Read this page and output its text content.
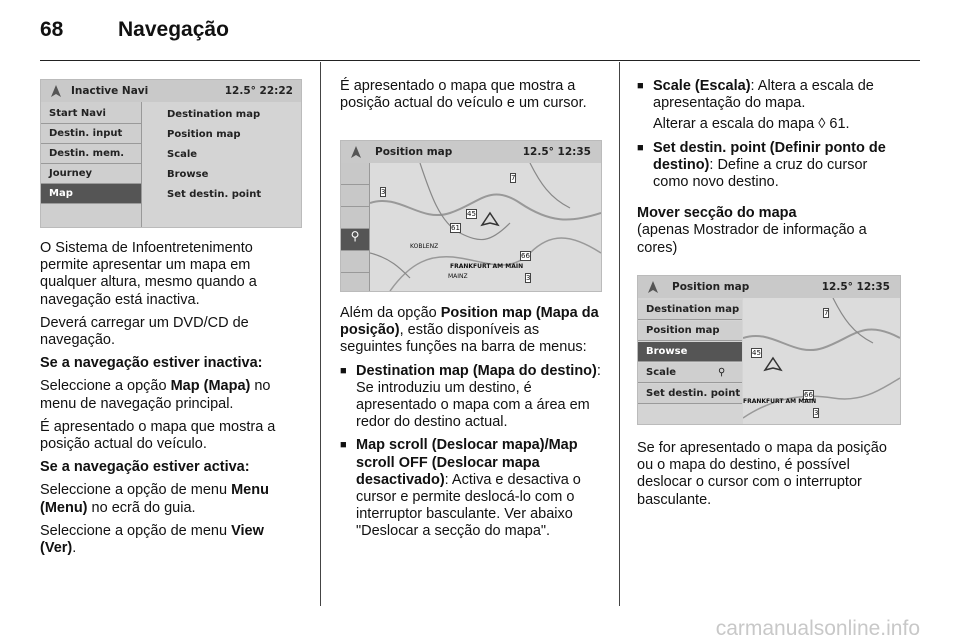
68	Navegação
Inactive Navi	12.5° 22:22
Start Navi
Destin. input
Destin. mem.
Journey
Map
Destination map
Position map
Scale
Browse
Set destin. point

O Sistema de Infoentretenimento permite apresentar um mapa em qualquer altura, mesmo quando a navegação está inactiva.

Deverá carregar um DVD/CD de navegação.

Se a navegação estiver inactiva:

Seleccione a opção Map (Mapa) no menu de navegação principal.

É apresentado o mapa que mostra a posição actual do veículo.

Se a navegação estiver activa:

Seleccione a opção de menu Menu (Menu) no ecrã do guia.

Seleccione a opção de menu View (Ver).

É apresentado o mapa que mostra a posição actual do veículo e um cursor.

Position map	12.5° 12:35
⚲
7
3
45
61
66
3
KOBLENZ
FRANKFURT AM MAIN
MAINZ

Além da opção Position map (Mapa da posição), estão disponíveis as seguintes funções na barra de menus:

■ Destination map (Mapa do destino): Se introduziu um destino, é apresentado o mapa com a área em redor do destino actual.
■ Map scroll (Deslocar mapa)/Map scroll OFF (Deslocar mapa desactivado): Activa e desactiva o cursor e permite deslocá-lo com o interruptor basculante. Ver abaixo "Deslocar a secção do mapa".
■ Scale (Escala): Altera a escala de apresentação do mapa.

Alterar a escala do mapa ◊ 61.

■ Set destin. point (Definir ponto de destino): Define a cruz do cursor como novo destino.

Mover secção do mapa

(apenas Mostrador de informação a cores)

Position map	12.5° 12:35
7
45
66
3
FRANKFURT AM MAIN
Destination map
Position map
Browse
Scale	⚲
Set destin. point

Se for apresentado o mapa da posição ou o mapa do destino, é possível deslocar o cursor com o interruptor basculante.

carmanualsonline.info
